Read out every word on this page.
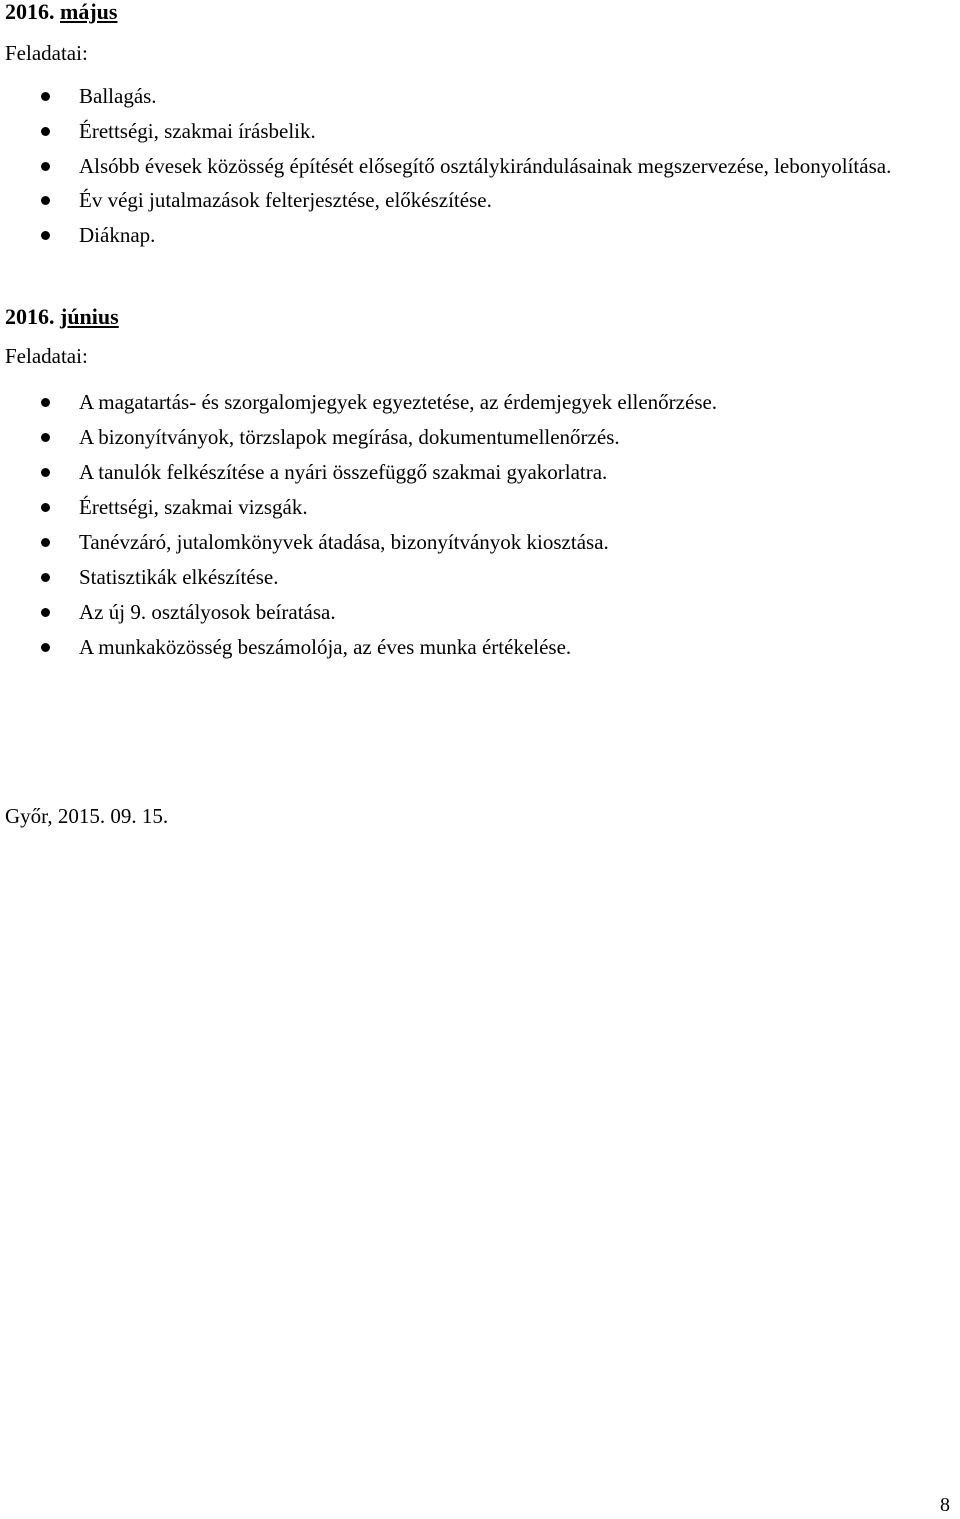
2016. május
Feladatai:
Ballagás.
Érettségi, szakmai írásbelik.
Alsóbb évesek közösség építését elősegítő osztálykirándulásainak megszervezése, lebonyolítása.
Év végi jutalmazások felterjesztése, előkészítése.
Diáknap.
2016. június
Feladatai:
A magatartás- és szorgalomjegyek egyeztetése, az érdemjegyek ellenőrzése.
A bizonyítványok, törzslapok megírása, dokumentumellenőrzés.
A tanulók felkészítése a nyári összefüggő szakmai gyakorlatra.
Érettségi, szakmai vizsgák.
Tanévzáró, jutalomkönyvek átadása, bizonyítványok kiosztása.
Statisztikák elkészítése.
Az új 9. osztályosok beíratása.
A munkaközösség beszámolója, az éves munka értékelése.
Győr, 2015. 09. 15.
8
